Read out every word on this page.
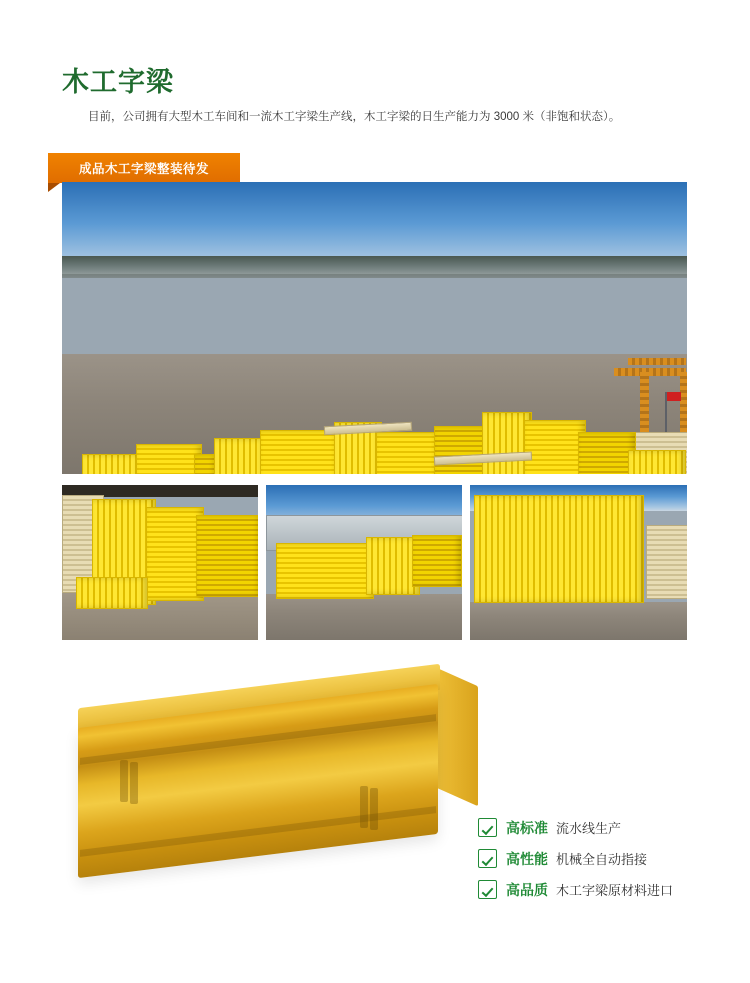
木工字梁
目前，公司拥有大型木工车间和一流木工字梁生产线，木工字梁的日生产能力为 3000 米（非饱和状态）。
成品木工字梁整装待发
高标准 流水线生产
高性能 机械全自动指接
高品质 木工字梁原材料进口
